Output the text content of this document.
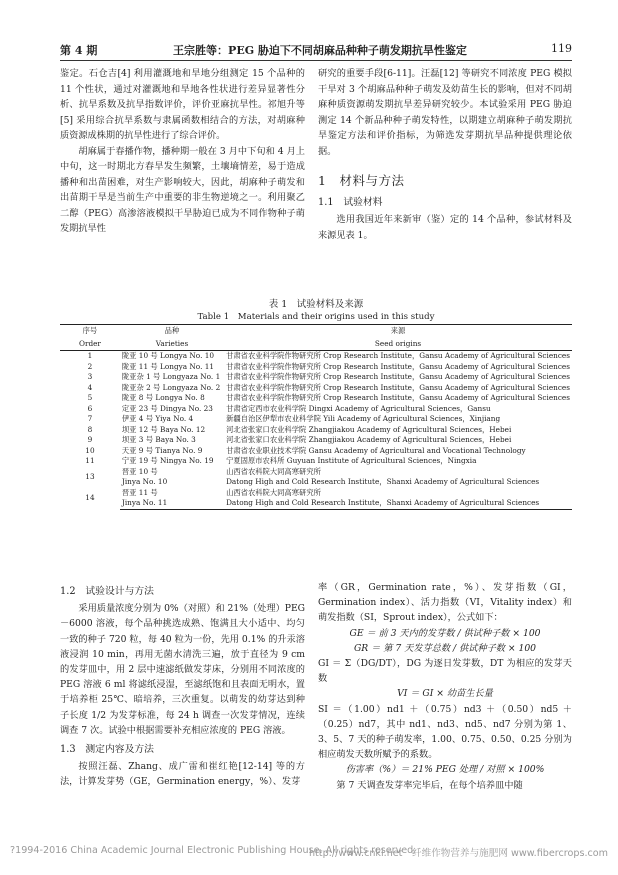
第 4 期	王宗胜等：PEG 胁迫下不同胡麻品种种子萌发期抗旱性鉴定	119

鉴定。石仓吉[4] 利用灌溉地和旱地分组测定 15 个品种的 11 个性状，通过对灌溉地和旱地各性状进行差异显著性分析、抗旱系数及抗旱指数评价，评价亚麻抗旱性。祁旭升等[5] 采用综合抗旱系数与隶属函数相结合的方法，对胡麻种质资源成株期的抗旱性进行了综合评价。

胡麻属于春播作物，播种期一般在 3 月中下旬和 4 月上中旬，这一时期北方春旱发生频繁，土壤墒情差，易于造成播种和出苗困难，对生产影响较大，因此，胡麻种子萌发和出苗期干旱是当前生产中重要的非生物逆境之一。利用聚乙二醇（PEG）高渗溶液模拟干旱胁迫已成为不同作物种子萌发期抗旱性

研究的重要手段[6-11]。汪磊[12] 等研究不同浓度 PEG 模拟干旱对 3 个胡麻品种种子萌发及幼苗生长的影响，但对不同胡麻种质资源萌发期抗旱差异研究较少。本试验采用 PEG 胁迫测定 14 个新品种种子萌发特性，以期建立胡麻种子萌发期抗旱鉴定方法和评价指标，为筛选发芽期抗旱品种提供理论依据。

1　材料与方法
1.1　试验材料

选用我国近年来新审（鉴）定的 14 个品种，参试材料及来源见表 1。

表 1　试验材料及来源
Table 1　Materials and their origins used in this study
序号	品种	来源
Order	Varieties	Seed origins
1	陇亚 10 号 Longya No. 10	甘肃省农业科学院作物研究所 Crop Research Institute，Gansu Academy of Agricultural Sciences
2	陇亚 11 号 Longya No. 11	甘肃省农业科学院作物研究所 Crop Research Institute，Gansu Academy of Agricultural Sciences
3	陇亚杂 1 号 Longyaza No. 1	甘肃省农业科学院作物研究所 Crop Research Institute，Gansu Academy of Agricultural Sciences
4	陇亚杂 2 号 Longyaza No. 2	甘肃省农业科学院作物研究所 Crop Research Institute，Gansu Academy of Agricultural Sciences
5	陇亚 8 号 Longya No. 8	甘肃省农业科学院作物研究所 Crop Research Institute，Gansu Academy of Agricultural Sciences
6	定亚 23 号 Dingya No. 23	甘肃省定西市农业科学院 Dingxi Academy of Agricultural Sciences，Gansu
7	伊亚 4 号 Yiya No. 4	新疆自治区伊犁市农业科学院 Yili Academy of Agricultural Sciences，Xinjiang
8	坝亚 12 号 Baya No. 12	河北省张家口农业科学院 Zhangjiakou Academy of Agricultural Sciences，Hebei
9	坝亚 3 号 Baya No. 3	河北省张家口农业科学院 Zhangjiakou Academy of Agricultural Sciences，Hebei
10	天亚 9 号 Tianya No. 9	甘肃省农业职业技术学院 Gansu Academy of Agricultural and Vocational Technology
11	宁亚 19 号 Ningya No. 19	宁夏固原市农科所 Guyuan Institute of Agricultural Sciences，Ningxia
13	晋亚 10 号	山西省农科院大同高寒研究所
	Jinya No. 10	Datong High and Cold Research Institute，Shanxi Academy of Agricultural Sciences
14	晋亚 11 号	山西省农科院大同高寒研究所
	Jinya No. 11	Datong High and Cold Research Institute，Shanxi Academy of Agricultural Sciences
1.2　试验设计与方法

采用质量浓度分别为 0%（对照）和 21%（处理）PEG－6000 溶液，每个品种挑选成熟、饱满且大小适中、均匀一致的种子 720 粒，每 40 粒为一份，先用 0.1% 的升汞溶液浸润 10 min，再用无菌水清洗三遍，放于直径为 9 cm 的发芽皿中，用 2 层中速滤纸做发芽床，分别用不同浓度的 PEG 溶液 6 ml 将滤纸浸湿，至滤纸饱和且表面无明水，置于培养柜 25℃、暗培养，三次重复。以萌发的幼芽达到种子长度 1/2 为发芽标准，每 24 h 调查一次发芽情况，连续调查 7 次。试验中根据需要补充相应浓度的 PEG 溶液。

1.3　测定内容及方法

按照汪磊、Zhang、成广雷和崔红艳[12-14] 等的方法，计算发芽势（GE，Germination energy，%）、发芽

率（GR，Germination rate，%）、发芽指数（GI，Germination index）、活力指数（VI，Vitality index）和萌发指数（SI，Sprout index），公式如下：

GE ＝ 前 3 天内的发芽数 / 供试种子数 × 100

GR ＝ 第 7 天发芽总数 / 供试种子数 × 100

GI ＝ Σ（DG/DT），DG 为逐日发芽数，DT 为相应的发芽天数

VI ＝ GI × 幼苗生长量

SI ＝（1.00）nd1 ＋（0.75）nd3 ＋（0.50）nd5 ＋（0.25）nd7，其中 nd1、nd3、nd5、nd7 分别为第 1、3、5、7 天的种子萌发率，1.00、0.75、0.50、0.25 分别为相应萌发天数所赋予的系数。

伤害率（%）＝ 21% PEG 处理 / 对照 × 100%

第 7 天调查发芽率完毕后，在每个培养皿中随

?1994-2016 China Academic Journal Electronic Publishing House. All rights reserved.
http://www.cnki.net　纤维作物营养与施肥网 www.fibercrops.com
